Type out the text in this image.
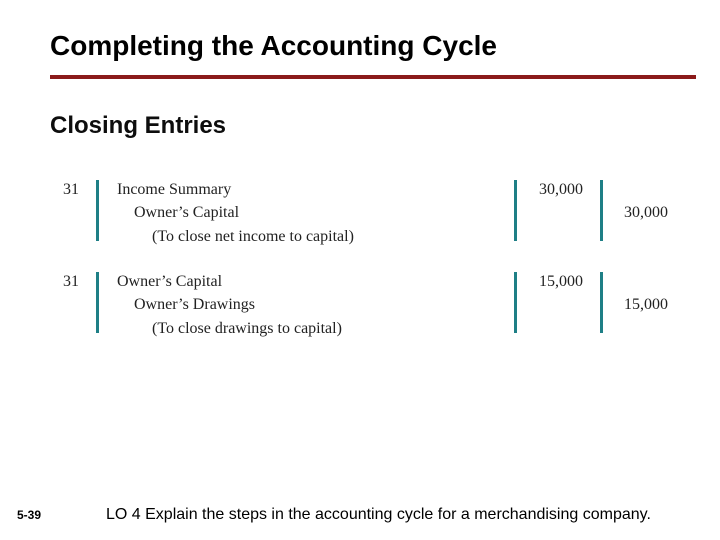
Completing the Accounting Cycle
Closing Entries
31 Income Summary
Owner’s Capital
(To close net income to capital)
30,000
30,000
31 Owner’s Capital
Owner’s Drawings
(To close drawings to capital)
15,000
15,000
5-39	LO 4 Explain the steps in the accounting cycle for a merchandising company.
